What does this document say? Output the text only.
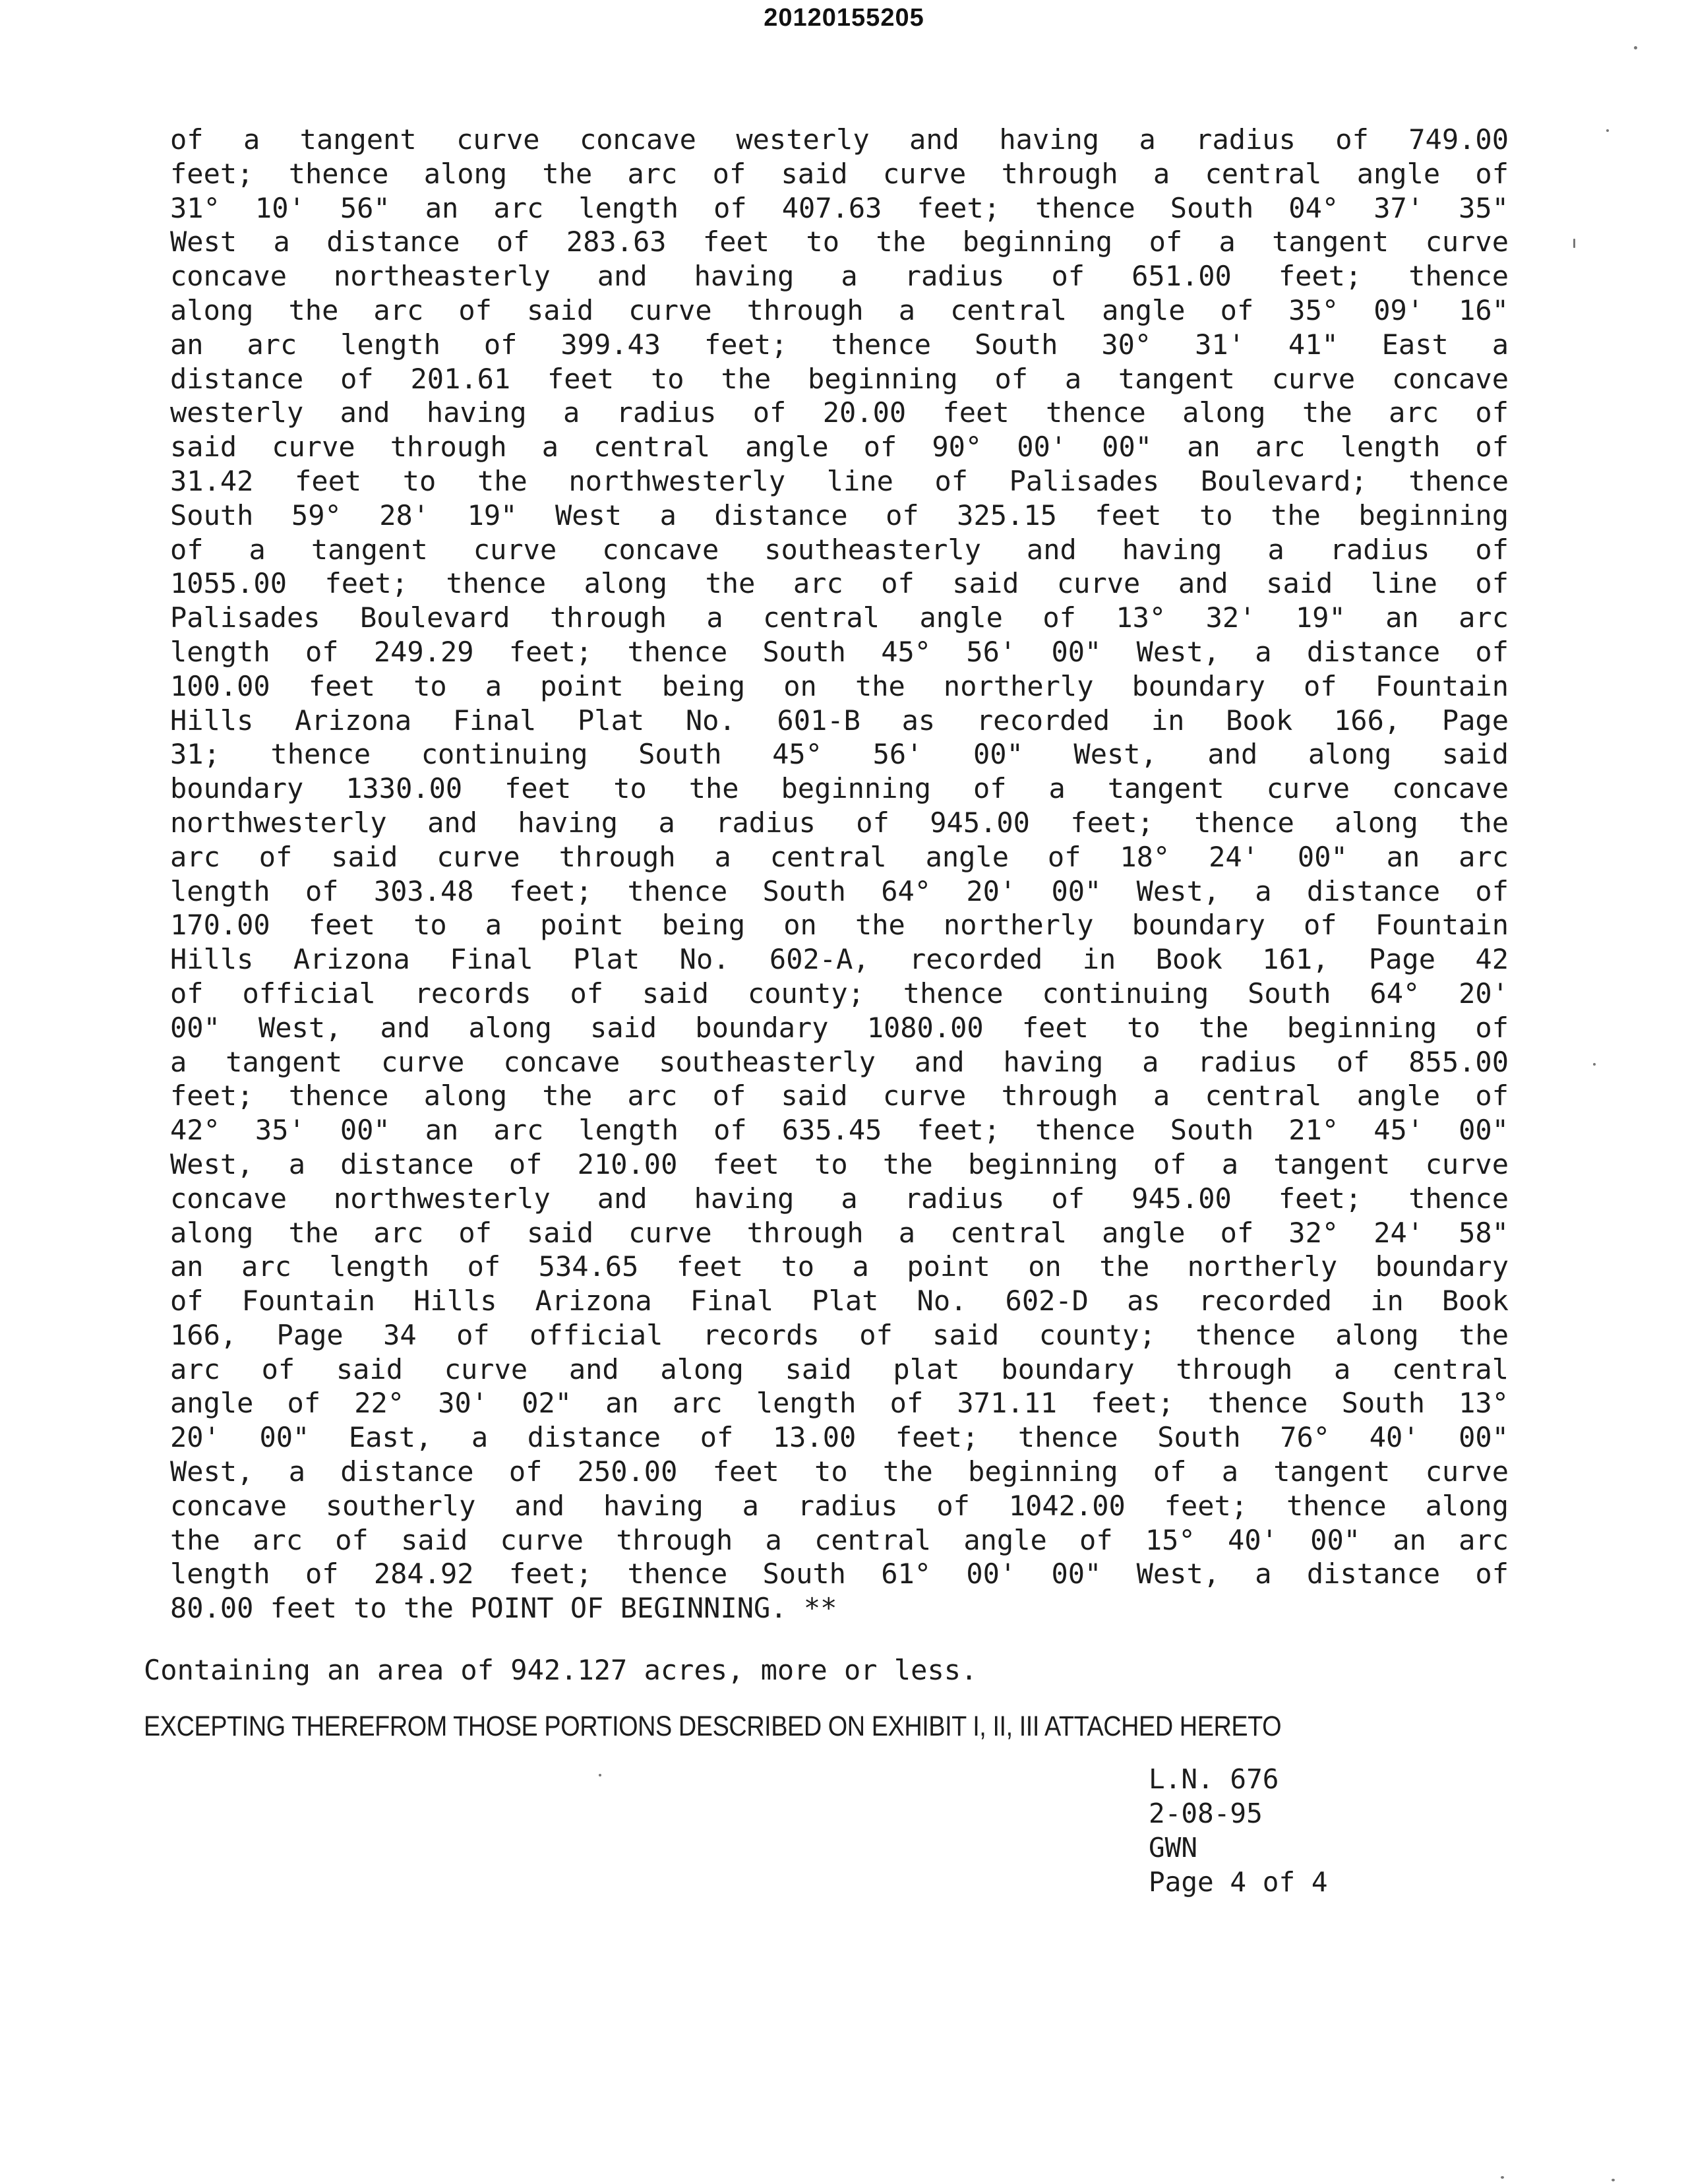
20120155205
of a tangent curve concave westerly and having a radius of 749.00
feet; thence along the arc of said curve through a central angle of
31° 10' 56" an arc length of 407.63 feet; thence South 04° 37' 35"
West a distance of 283.63 feet to the beginning of a tangent curve
concave northeasterly and having a radius of 651.00 feet; thence
along the arc of said curve through a central angle of 35° 09' 16"
an arc length of 399.43 feet; thence South 30° 31' 41" East a
distance of 201.61 feet to the beginning of a tangent curve concave
westerly and having a radius of 20.00 feet thence along the arc of
said curve through a central angle of 90° 00' 00" an arc length of
31.42 feet to the northwesterly line of Palisades Boulevard; thence
South 59° 28' 19" West a distance of 325.15 feet to the beginning
of a tangent curve concave southeasterly and having a radius of
1055.00 feet; thence along the arc of said curve and said line of
Palisades Boulevard through a central angle of 13° 32' 19" an arc
length of 249.29 feet; thence South 45° 56' 00" West, a distance of
100.00 feet to a point being on the northerly boundary of Fountain
Hills Arizona Final Plat No. 601-B as recorded in Book 166, Page
31; thence continuing South 45° 56' 00" West, and along said
boundary 1330.00 feet to the beginning of a tangent curve concave
northwesterly and having a radius of 945.00 feet; thence along the
arc of said curve through a central angle of 18° 24' 00" an arc
length of 303.48 feet; thence South 64° 20' 00" West, a distance of
170.00 feet to a point being on the northerly boundary of Fountain
Hills Arizona Final Plat No. 602-A, recorded in Book 161, Page 42
of official records of said county; thence continuing South 64° 20'
00" West, and along said boundary 1080.00 feet to the beginning of
a tangent curve concave southeasterly and having a radius of 855.00
feet; thence along the arc of said curve through a central angle of
42° 35' 00" an arc length of 635.45 feet; thence South 21° 45' 00"
West, a distance of 210.00 feet to the beginning of a tangent curve
concave northwesterly and having a radius of 945.00 feet; thence
along the arc of said curve through a central angle of 32° 24' 58"
an arc length of 534.65 feet to a point on the northerly boundary
of Fountain Hills Arizona Final Plat No. 602-D as recorded in Book
166, Page 34 of official records of said county; thence along the
arc of said curve and along said plat boundary through a central
angle of 22° 30' 02" an arc length of 371.11 feet; thence South 13°
20' 00" East, a distance of 13.00 feet; thence South 76° 40' 00"
West, a distance of 250.00 feet to the beginning of a tangent curve
concave southerly and having a radius of 1042.00 feet; thence along
the arc of said curve through a central angle of 15° 40' 00" an arc
length of 284.92 feet; thence South 61° 00' 00" West, a distance of
80.00 feet to the POINT OF BEGINNING. **
Containing an area of 942.127 acres, more or less.
EXCEPTING THEREFROM THOSE PORTIONS DESCRIBED ON EXHIBIT I, II, III ATTACHED HERETO
L.N. 676
2-08-95
GWN
Page 4 of 4
